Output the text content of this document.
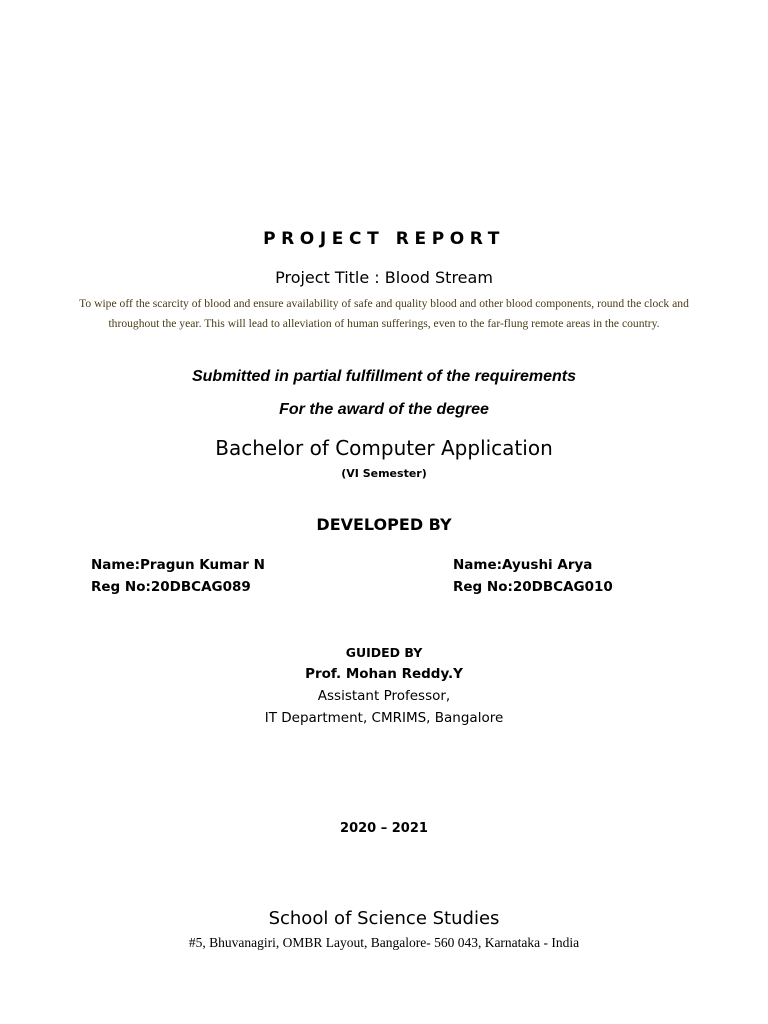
PROJECT REPORT
Project Title : Blood Stream
To wipe off the scarcity of blood and ensure availability of safe and quality blood and other blood components, round the clock and throughout the year. This will lead to alleviation of human sufferings, even to the far-flung remote areas in the country.
Submitted in partial fulfillment of the requirements
For the award of the degree
Bachelor of Computer Application
(VI Semester)
DEVELOPED BY
Name:Pragun Kumar N
Reg No:20DBCAG089
Name:Ayushi Arya
Reg No:20DBCAG010
GUIDED BY
Prof. Mohan Reddy.Y
Assistant Professor,
IT Department, CMRIMS, Bangalore
2020 – 2021
School of Science Studies
#5, Bhuvanagiri, OMBR Layout, Bangalore- 560 043, Karnataka - India
